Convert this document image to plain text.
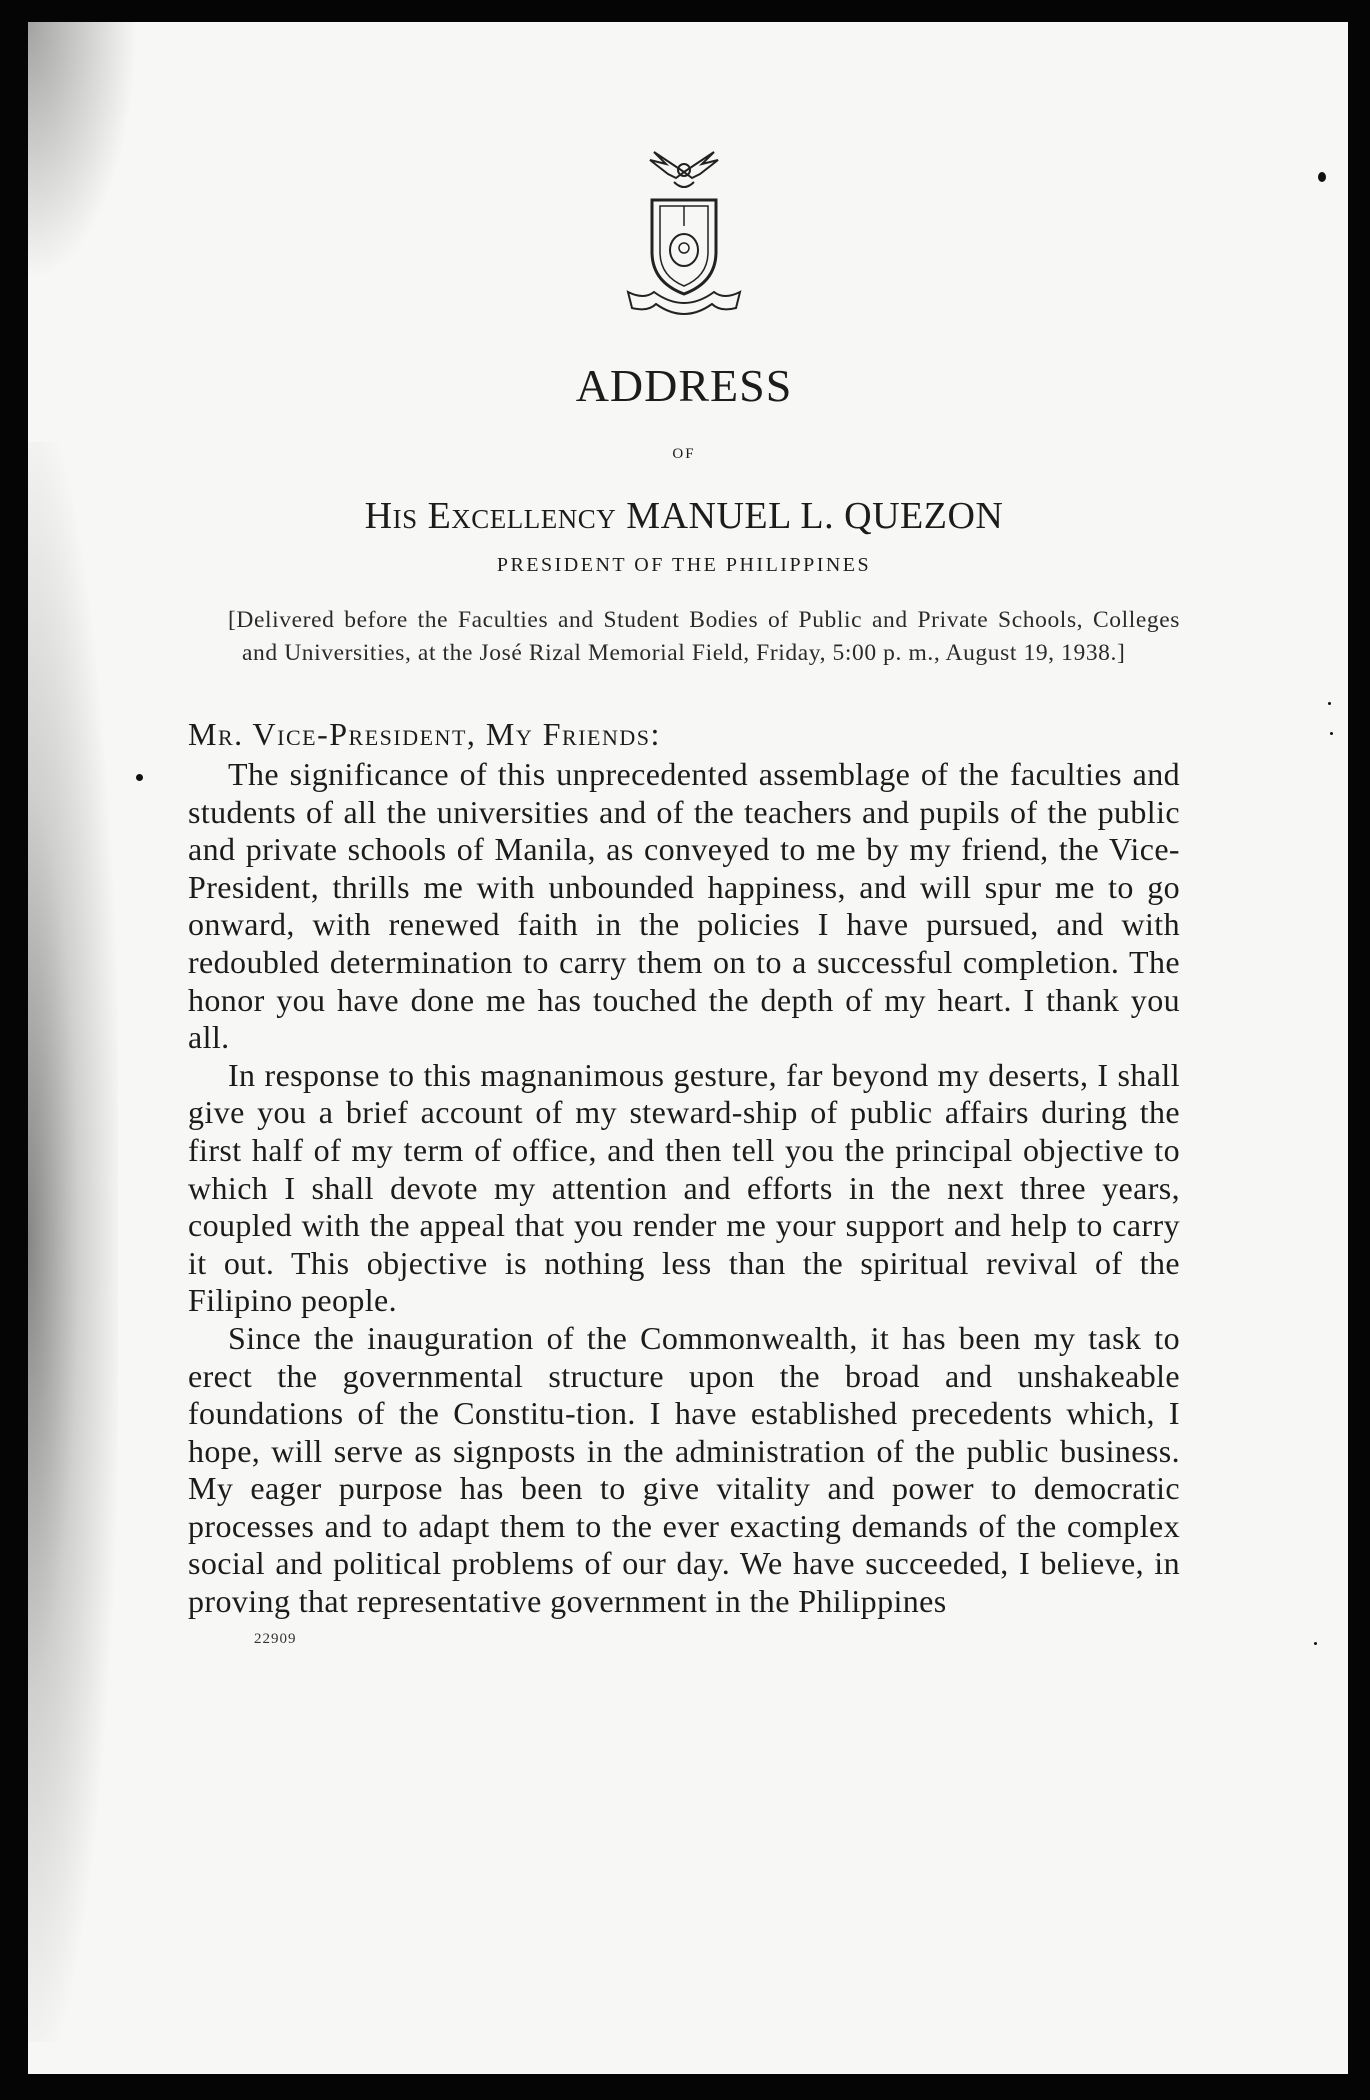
ADDRESS
OF
His Excellency MANUEL L. QUEZON
PRESIDENT OF THE PHILIPPINES
[Delivered before the Faculties and Student Bodies of Public and Private Schools, Colleges and Universities, at the José Rizal Memorial Field, Friday, 5:00 p. m., August 19, 1938.]
Mr. Vice-President, My Friends:

The significance of this unprecedented assemblage of the faculties and students of all the universities and of the teachers and pupils of the public and private schools of Manila, as conveyed to me by my friend, the Vice-President, thrills me with unbounded happiness, and will spur me to go onward, with renewed faith in the policies I have pursued, and with redoubled determination to carry them on to a successful completion. The honor you have done me has touched the depth of my heart. I thank you all.

In response to this magnanimous gesture, far beyond my deserts, I shall give you a brief account of my steward-ship of public affairs during the first half of my term of office, and then tell you the principal objective to which I shall devote my attention and efforts in the next three years, coupled with the appeal that you render me your support and help to carry it out. This objective is nothing less than the spiritual revival of the Filipino people.

Since the inauguration of the Commonwealth, it has been my task to erect the governmental structure upon the broad and unshakeable foundations of the Constitu-tion. I have established precedents which, I hope, will serve as signposts in the administration of the public business. My eager purpose has been to give vitality and power to democratic processes and to adapt them to the ever exacting demands of the complex social and political problems of our day. We have succeeded, I believe, in proving that representative government in the Philippines

22909
